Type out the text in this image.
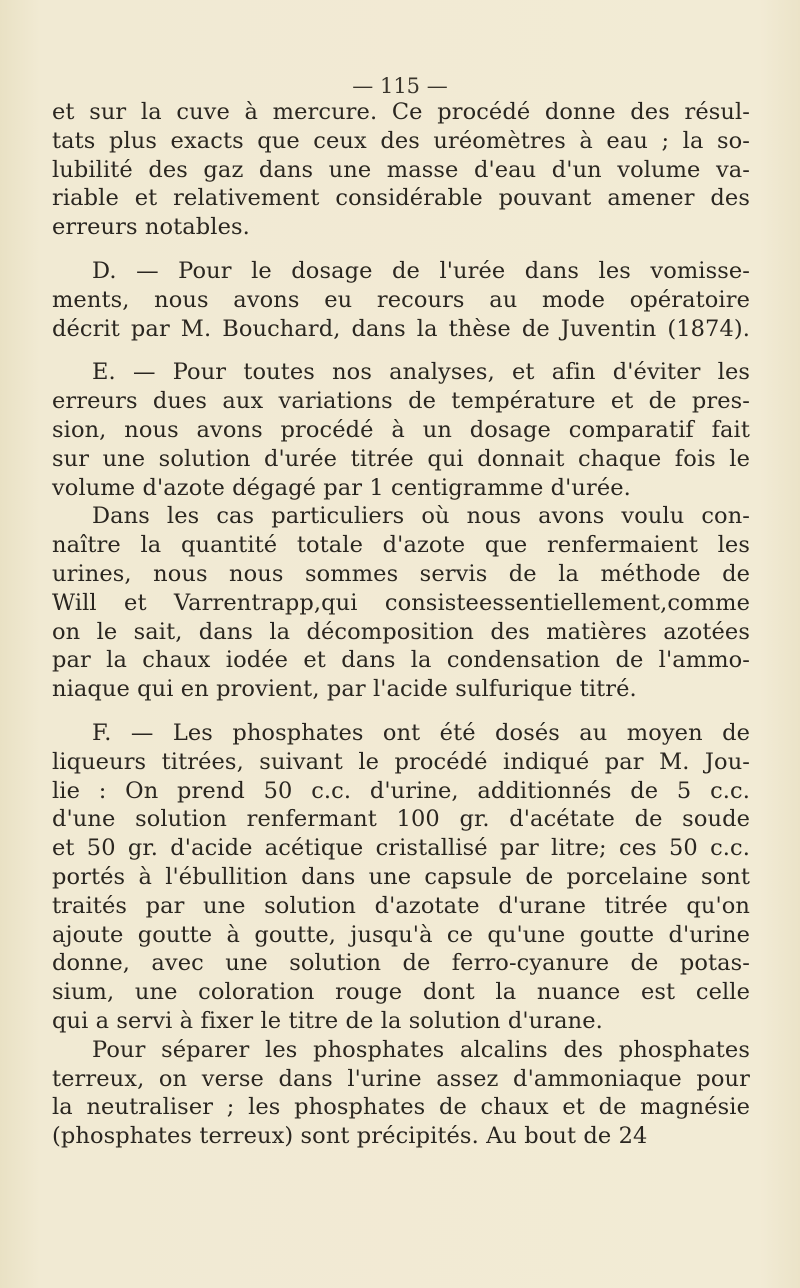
— 115 —
et sur la cuve à mercure. Ce procédé donne des résul-
tats plus exacts que ceux des uréomètres à eau ; la so-
lubilité des gaz dans une masse d'eau d'un volume va-
riable et relativement considérable pouvant amener des
erreurs notables.
D. — Pour le dosage de l'urée dans les vomisse-
ments, nous avons eu recours au mode opératoire
décrit par M. Bouchard, dans la thèse de Juventin (1874).
E. — Pour toutes nos analyses, et afin d'éviter les
erreurs dues aux variations de température et de pres-
sion, nous avons procédé à un dosage comparatif fait
sur une solution d'urée titrée qui donnait chaque fois le
volume d'azote dégagé par 1 centigramme d'urée.
Dans les cas particuliers où nous avons voulu con-
naître la quantité totale d'azote que renfermaient les
urines, nous nous sommes servis de la méthode de
Will et Varrentrapp,qui consisteessentiellement,comme
on le sait, dans la décomposition des matières azotées
par la chaux iodée et dans la condensation de l'ammo-
niaque qui en provient, par l'acide sulfurique titré.
F. — Les phosphates ont été dosés au moyen de
liqueurs titrées, suivant le procédé indiqué par M. Jou-
lie : On prend 50 c.c. d'urine, additionnés de 5 c.c.
d'une solution renfermant 100 gr. d'acétate de soude
et 50 gr. d'acide acétique cristallisé par litre; ces 50 c.c.
portés à l'ébullition dans une capsule de porcelaine sont
traités par une solution d'azotate d'urane titrée qu'on
ajoute goutte à goutte, jusqu'à ce qu'une goutte d'urine
donne, avec une solution de ferro-cyanure de potas-
sium, une coloration rouge dont la nuance est celle
qui a servi à fixer le titre de la solution d'urane.
Pour séparer les phosphates alcalins des phosphates
terreux, on verse dans l'urine assez d'ammoniaque pour
la neutraliser ; les phosphates de chaux et de magnésie
(phosphates terreux) sont précipités. Au bout de 24
